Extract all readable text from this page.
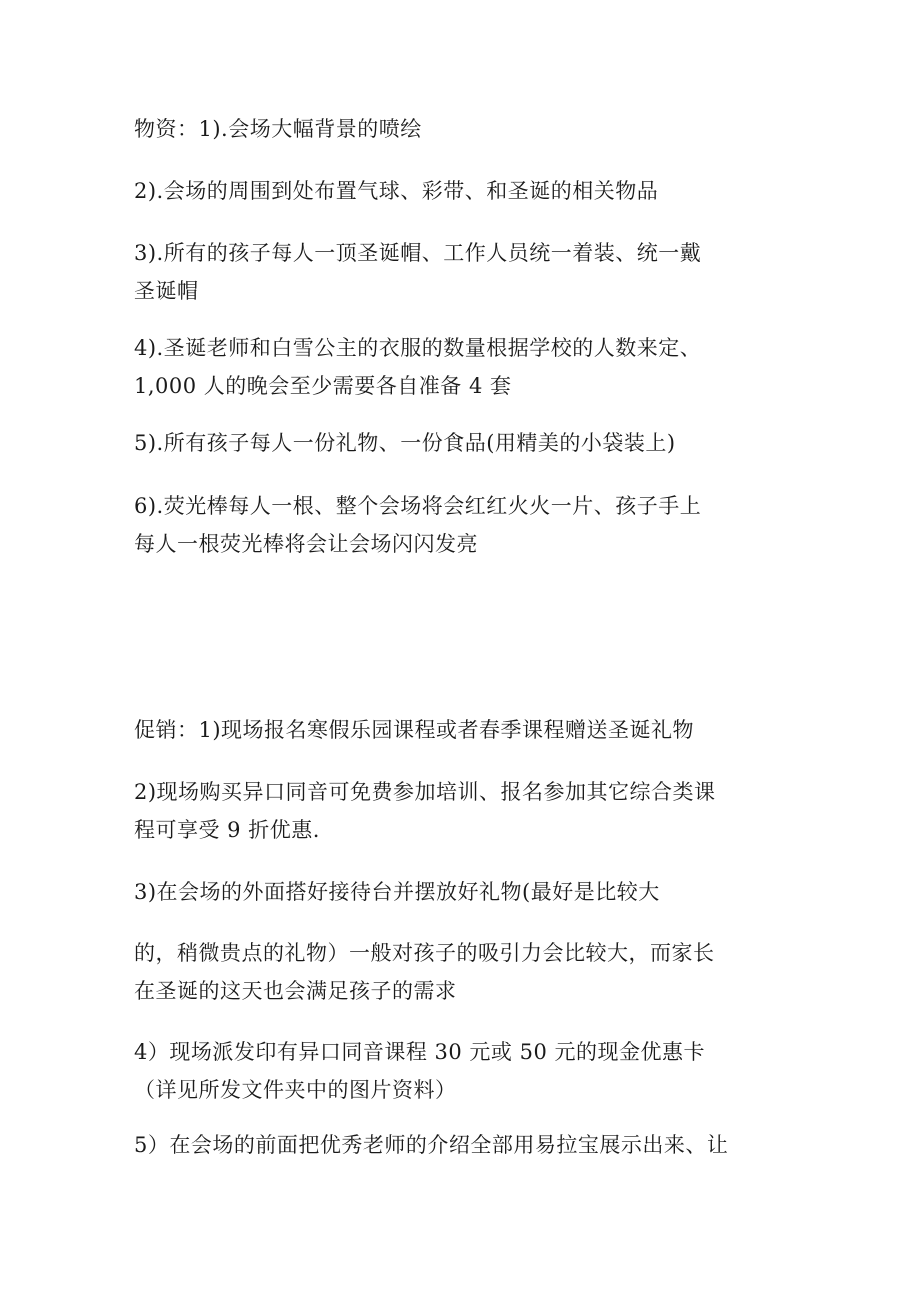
物资：1).会场大幅背景的喷绘

2).会场的周围到处布置气球、彩带、和圣诞的相关物品

3).所有的孩子每人一顶圣诞帽、工作人员统一着装、统一戴
圣诞帽

4).圣诞老师和白雪公主的衣服的数量根据学校的人数来定、
1,000 人的晚会至少需要各自准备 4 套

5).所有孩子每人一份礼物、一份食品(用精美的小袋装上)

6).荧光棒每人一根、整个会场将会红红火火一片、孩子手上
每人一根荧光棒将会让会场闪闪发亮

促销：1)现场报名寒假乐园课程或者春季课程赠送圣诞礼物

2)现场购买异口同音可免费参加培训、报名参加其它综合类课
程可享受 9 折优惠.

3)在会场的外面搭好接待台并摆放好礼物(最好是比较大

的，稍微贵点的礼物）一般对孩子的吸引力会比较大，而家长
在圣诞的这天也会满足孩子的需求

4）现场派发印有异口同音课程 30 元或 50 元的现金优惠卡
（详见所发文件夹中的图片资料）

5）在会场的前面把优秀老师的介绍全部用易拉宝展示出来、让
